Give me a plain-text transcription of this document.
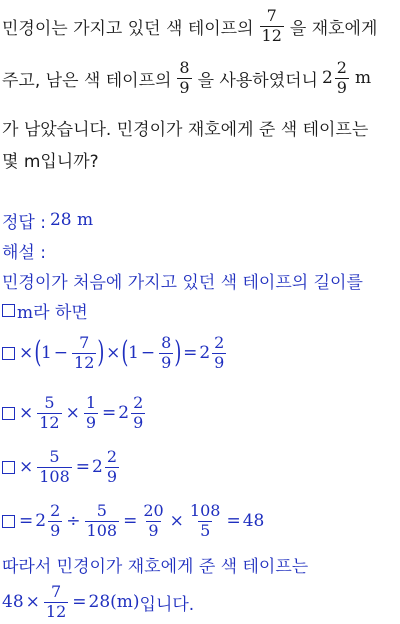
민경이는 가지고 있던 색 테이프의 $\frac{7}{12}$ 을 재호에게
주고, 남은 색 테이프의 $\frac{8}{9}$ 을 사용하였더니 $2 \frac{2}{9}$ m
가 남았습니다. 민경이가 재호에게 준 색 테이프는
몇 m입니까?
정답 : 28 m
해설 :
민경이가 처음에 가지고 있던 색 테이프의 길이를
m라 하면
× ( $1 - \frac{7}{12}$ ) × ( $1 - \frac{8}{9}$ ) = $2 \frac{2}{9}$
× $\frac{5}{12} \times \frac{1}{9} = 2 \frac{2}{9}$
× $\frac{5}{108} = 2 \frac{2}{9}$
= $2 \frac{2}{9} \div \frac{5}{108} = \frac{20}{9} \times \frac{108}{5} = 48$
따라서 민경이가 재호에게 준 색 테이프는
$48 \times \frac{7}{12} = 28(m)$ 입니다.
